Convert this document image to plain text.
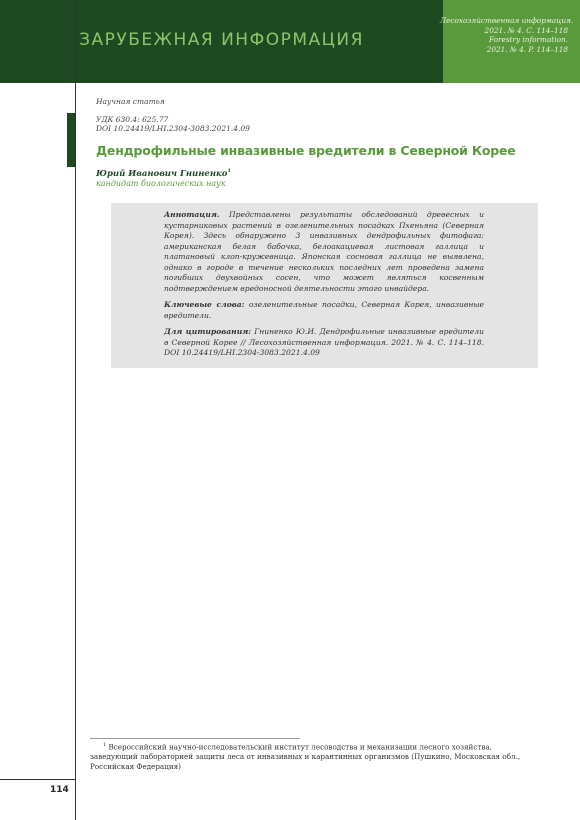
ЗАРУБЕЖНАЯ ИНФОРМАЦИЯ
Лесохозяйственная информация.
2021. № 4. С. 114–118
Forestry information.
2021. № 4. P. 114–118
Научная статья
УДК 630.4: 625.77
DOI 10.24419/LHI.2304-3083.2021.4.09
Дендрофильные инвазивные вредители в Северной Корее
Юрий Иванович Гниненко$^1$
кандидат биологических наук

Аннотация. Представлены результаты обследований древесных и кустарниковых растений в озеленительных посадках Пхеньяна (Северная Корея). Здесь обнаружено 3 инвазивных дендрофильных фитофага: американская белая бабочка, белоакациевая листовая галлица и платановый клоп-кружевница. Японская сосновая галлица не выявлена, однако в городе в течение нескольких последних лет проведена замена погибших двухвойных сосен, что может являться косвенным подтверждением вредоносной деятельности этого инвайдера.

Ключевые слова: озеленительные посадки, Северная Корея, инвазивные вредители.

Для цитирования: Гниненко Ю.И. Дендрофильные инвазивные вредители в Северной Корее // Лесохозяйственная информация. 2021. № 4. С. 114–118. DOI 10.24419/LHI.2304-3083.2021.4.09

$^1$ Всероссийский научно-исследовательский институт лесоводства и механизации лесного хозяйства, заведующий лабораторией защиты леса от инвазивных и карантинных организмов (Пушкино, Московская обл., Российская Федерация)
114
